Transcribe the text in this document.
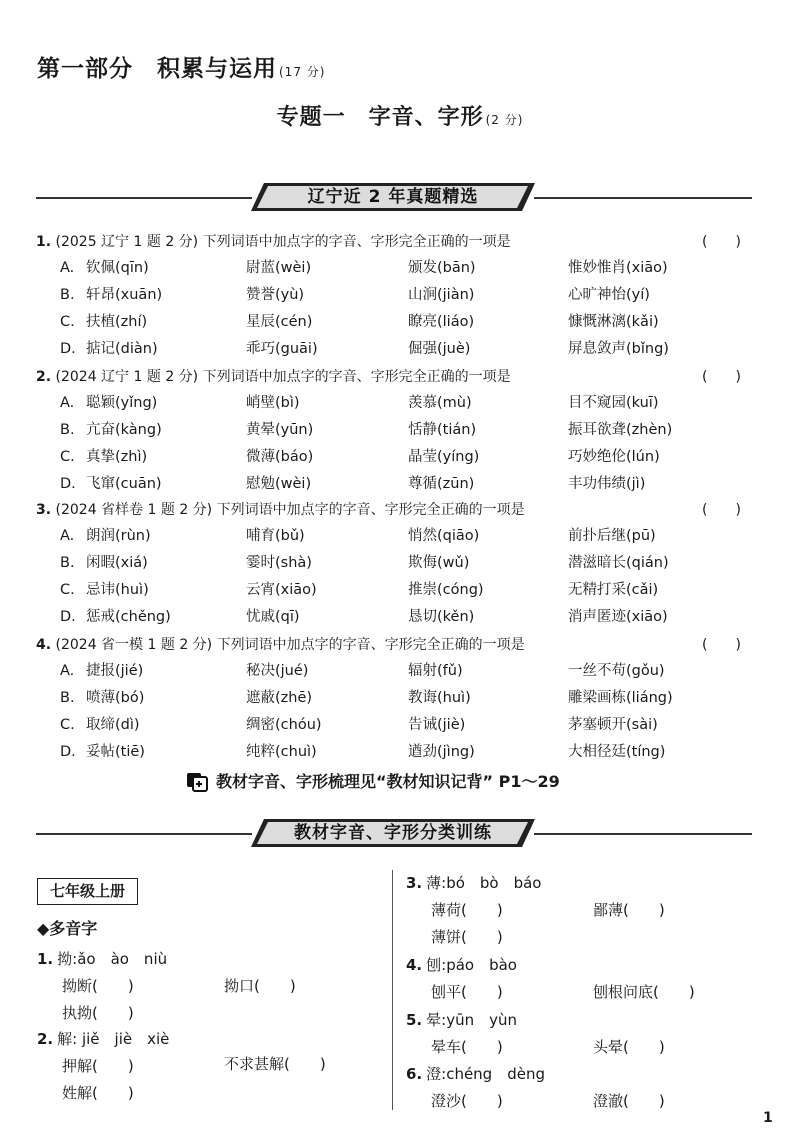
第一部分　积累与运用 (17 分)
专题一　字音、字形 (2 分)
辽宁近 2 年真题精选
1. (2025 辽宁 1 题 2 分) 下列词语中加点字的字音、字形完全正确的一项是	(　　)
A. 钦佩(qīn)	尉蓝(wèi)	颁发(bān)	惟妙惟肖(xiāo)
B. 轩昂(xuān)	赞誉(yù)	山涧(jiàn)	心旷神怡(yí)
C. 扶植(zhí)	星辰(cén)	瞭亮(liáo)	慷慨淋漓(kǎi)
D. 掂记(diàn)	乖巧(guāi)	倔强(juè)	屏息敛声(bǐng)
2. (2024 辽宁 1 题 2 分) 下列词语中加点字的字音、字形完全正确的一项是	(　　)
A. 聪颖(yǐng)	峭壁(bì)	羡慕(mù)	目不窥园(kuī)
B. 亢奋(kàng)	黄晕(yūn)	恬静(tián)	振耳欲聋(zhèn)
C. 真挚(zhì)	微薄(báo)	晶莹(yíng)	巧妙绝伦(lún)
D. 飞窜(cuān)	慰勉(wèi)	尊循(zūn)	丰功伟绩(jì)
3. (2024 省样卷 1 题 2 分) 下列词语中加点字的字音、字形完全正确的一项是	(　　)
A. 朗润(rùn)	哺育(bǔ)	悄然(qiāo)	前扑后继(pū)
B. 闲暇(xiá)	霎时(shà)	欺侮(wǔ)	潜滋暗长(qián)
C. 忌讳(huì)	云宵(xiāo)	推崇(cóng)	无精打采(cǎi)
D. 惩戒(chěng)	忧戚(qī)	恳切(kěn)	消声匿迹(xiāo)
4. (2024 省一模 1 题 2 分) 下列词语中加点字的字音、字形完全正确的一项是	(　　)
A. 捷报(jié)	秘决(jué)	辐射(fǔ)	一丝不苟(gǒu)
B. 喷薄(bó)	遮蔽(zhē)	教诲(huì)	雕梁画栋(liáng)
C. 取缔(dì)	绸密(chóu)	告诫(jiè)	茅塞顿开(sài)
D. 妥帖(tiē)	纯粹(chuì)	遒劲(jìng)	大相径廷(tíng)
教材字音、字形梳理见“教材知识记背” P1～29
教材字音、字形分类训练
七年级上册
◆多音字
1. 拗:ǎo　ào　niù
拗断(　　)	拗口(　　)
执拗(　　)
2. 解: jiě　jiè　xiè
押解(　　)	不求甚解(　　)
姓解(　　)
3. 薄:bó　bò　báo
薄荷(　　)	鄙薄(　　)
薄饼(　　)
4. 刨:páo　bào
刨平(　　)	刨根问底(　　)
5. 晕:yūn　yùn
晕车(　　)	头晕(　　)
6. 澄:chéng　dèng
澄沙(　　)	澄澈(　　)
1
